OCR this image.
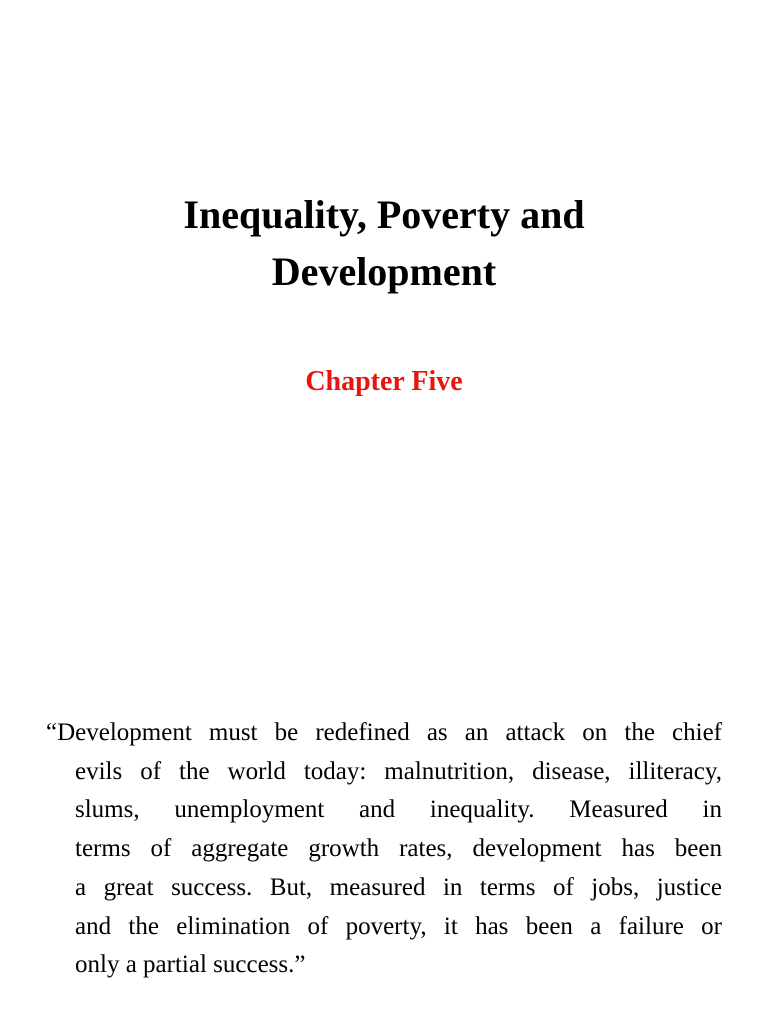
Inequality, Poverty and
Development
Chapter Five

“Development must be redefined as an attack on the chief
evils of the world today: malnutrition, disease, illiteracy,
slums, unemployment and inequality. Measured in
terms of aggregate growth rates, development has been
a great success. But, measured in terms of jobs, justice
and the elimination of poverty, it has been a failure or
only a partial success.”
